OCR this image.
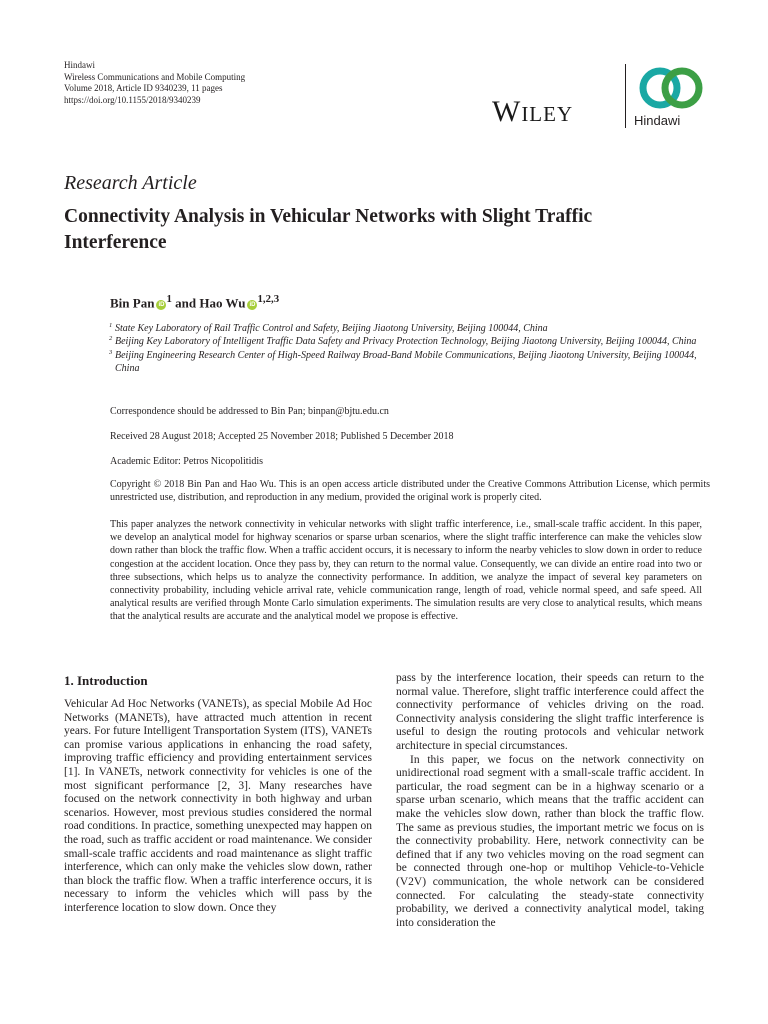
Hindawi
Wireless Communications and Mobile Computing
Volume 2018, Article ID 9340239, 11 pages
https://doi.org/10.1155/2018/9340239	Wiley	Hindawi
Research Article
Connectivity Analysis in Vehicular Networks with Slight Traffic Interference
Bin Pan $iD^1$ and Hao Wu iD$^{1,2,3}$
1 State Key Laboratory of Rail Traffic Control and Safety, Beijing Jiaotong University, Beijing 100044, China
2 Beijing Key Laboratory of Intelligent Traffic Data Safety and Privacy Protection Technology, Beijing Jiaotong University, Beijing 100044, China
3 Beijing Engineering Research Center of High-Speed Railway Broad-Band Mobile Communications, Beijing Jiaotong University, Beijing 100044, China
Correspondence should be addressed to Bin Pan; binpan@bjtu.edu.cn
Received 28 August 2018; Accepted 25 November 2018; Published 5 December 2018
Academic Editor: Petros Nicopolitidis
Copyright © 2018 Bin Pan and Hao Wu. This is an open access article distributed under the Creative Commons Attribution License, which permits unrestricted use, distribution, and reproduction in any medium, provided the original work is properly cited.
This paper analyzes the network connectivity in vehicular networks with slight traffic interference, i.e., small-scale traffic accident. In this paper, we develop an analytical model for highway scenarios or sparse urban scenarios, where the slight traffic interference can make the vehicles slow down rather than block the traffic flow. When a traffic accident occurs, it is necessary to inform the nearby vehicles to slow down in order to reduce congestion at the accident location. Once they pass by, they can return to the normal value. Consequently, we can divide an entire road into two or three subsections, which helps us to analyze the connectivity performance. In addition, we analyze the impact of several key parameters on connectivity probability, including vehicle arrival rate, vehicle communication range, length of road, vehicle normal speed, and safe speed. All analytical results are verified through Monte Carlo simulation experiments. The simulation results are very close to analytical results, which means that the analytical results are accurate and the analytical model we propose is effective.
1. Introduction

Vehicular Ad Hoc Networks (VANETs), as special Mobile Ad Hoc Networks (MANETs), have attracted much attention in recent years. For future Intelligent Transportation System (ITS), VANETs can promise various applications in enhancing the road safety, improving traffic efficiency and providing entertainment services [1]. In VANETs, network connectivity for vehicles is one of the most significant performance [2, 3]. Many researches have focused on the network connectivity in both highway and urban scenarios. However, most previous studies considered the normal road conditions. In practice, something unexpected may happen on the road, such as traffic accident or road maintenance. We consider small-scale traffic accidents and road maintenance as slight traffic interference, which can only make the vehicles slow down, rather than block the traffic flow. When a traffic interference occurs, it is necessary to inform the vehicles which will pass by the interference location to slow down. Once they

pass by the interference location, their speeds can return to the normal value. Therefore, slight traffic interference could affect the connectivity performance of vehicles driving on the road. Connectivity analysis considering the slight traffic interference is useful to design the routing protocols and vehicular network architecture in special circumstances.

In this paper, we focus on the network connectivity on unidirectional road segment with a small-scale traffic accident. In particular, the road segment can be in a highway scenario or a sparse urban scenario, which means that the traffic accident can make the vehicles slow down, rather than block the traffic flow. The same as previous studies, the important metric we focus on is the connectivity probability. Here, network connectivity can be defined that if any two vehicles moving on the road segment can be connected through one-hop or multihop Vehicle-to-Vehicle (V2V) communication, the whole network can be considered connected. For calculating the steady-state connectivity probability, we derived a connectivity analytical model, taking into consideration the
